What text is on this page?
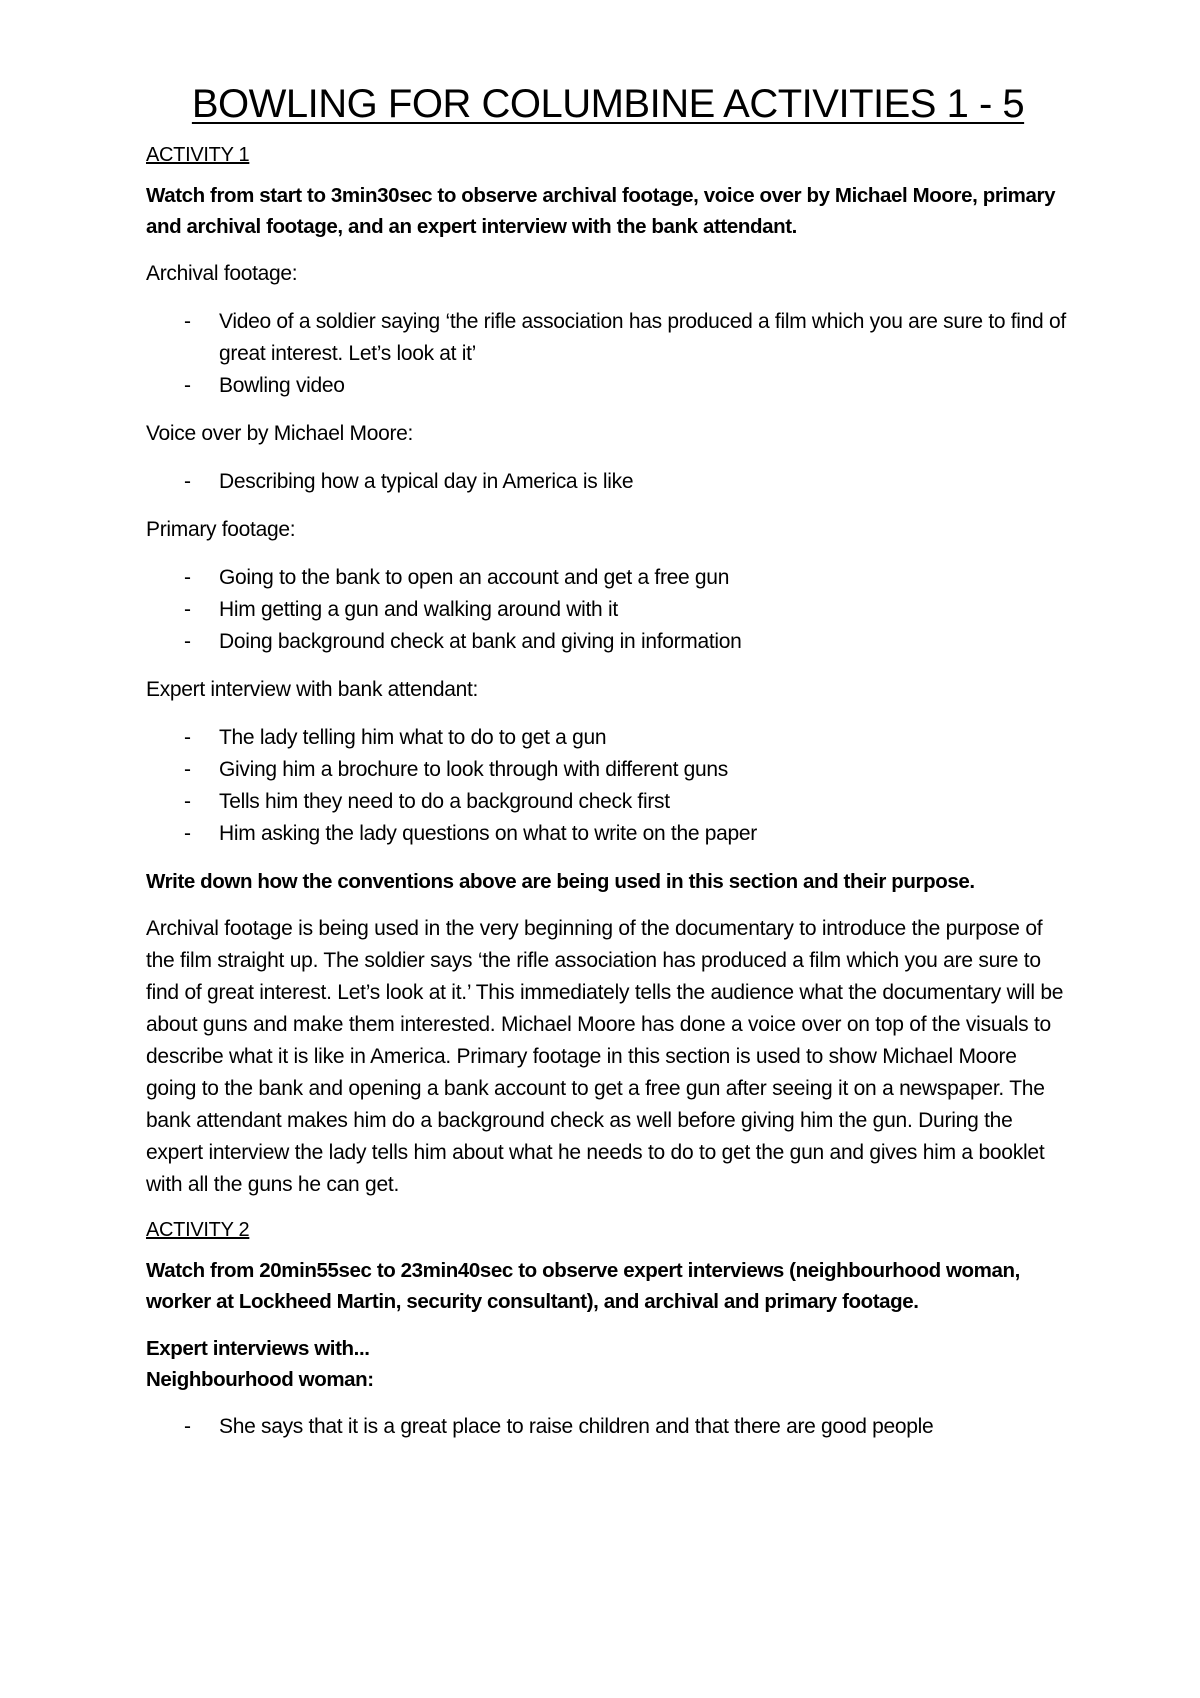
BOWLING FOR COLUMBINE ACTIVITIES 1 - 5
ACTIVITY 1

Watch from start to 3min30sec to observe archival footage, voice over by Michael Moore, primary and archival footage, and an expert interview with the bank attendant.

Archival footage:

- Video of a soldier saying ‘the rifle association has produced a film which you are sure to find of great interest. Let’s look at it’
- Bowling video

Voice over by Michael Moore:

- Describing how a typical day in America is like

Primary footage:

- Going to the bank to open an account and get a free gun
- Him getting a gun and walking around with it
- Doing background check at bank and giving in information

Expert interview with bank attendant:

- The lady telling him what to do to get a gun
- Giving him a brochure to look through with different guns
- Tells him they need to do a background check first
- Him asking the lady questions on what to write on the paper

Write down how the conventions above are being used in this section and their purpose.

Archival footage is being used in the very beginning of the documentary to introduce the purpose of the film straight up. The soldier says ‘the rifle association has produced a film which you are sure to find of great interest. Let’s look at it.’ This immediately tells the audience what the documentary will be about guns and make them interested. Michael Moore has done a voice over on top of the visuals to describe what it is like in America. Primary footage in this section is used to show Michael Moore going to the bank and opening a bank account to get a free gun after seeing it on a newspaper. The bank attendant makes him do a background check as well before giving him the gun. During the expert interview the lady tells him about what he needs to do to get the gun and gives him a booklet with all the guns he can get.

ACTIVITY 2

Watch from 20min55sec to 23min40sec to observe expert interviews (neighbourhood woman, worker at Lockheed Martin, security consultant), and archival and primary footage.

Expert interviews with...

Neighbourhood woman:

- She says that it is a great place to raise children and that there are good people
